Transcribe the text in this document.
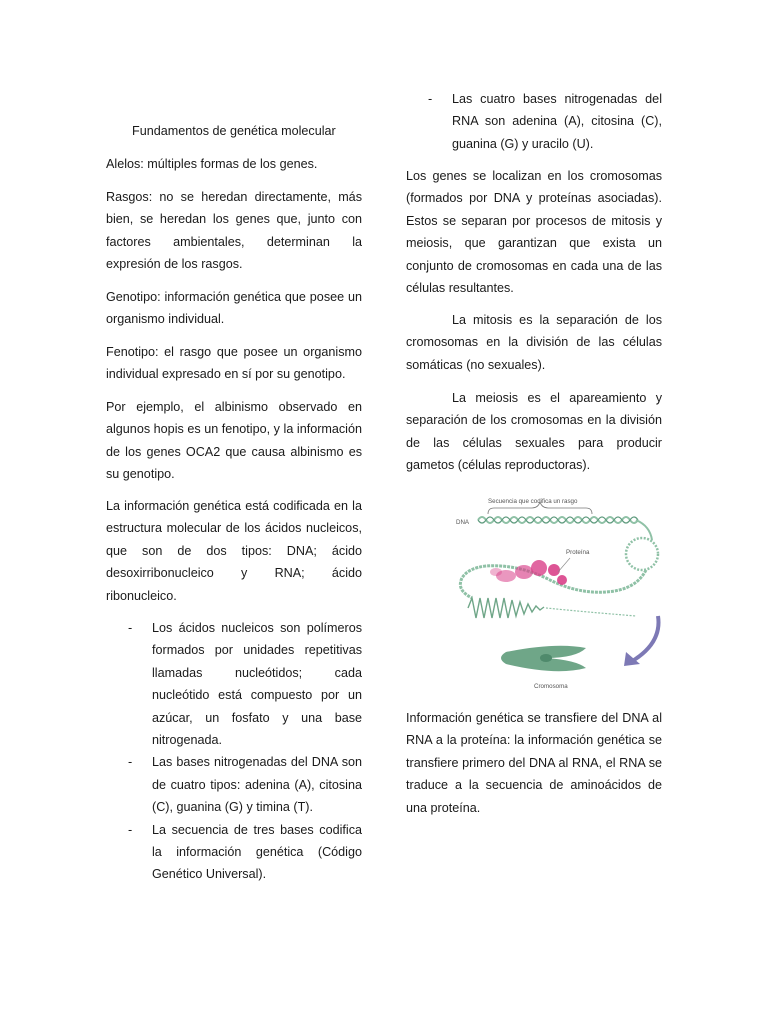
Fundamentos de genética molecular

Alelos: múltiples formas de los genes.

Rasgos: no se heredan directamente, más bien, se heredan los genes que, junto con factores ambientales, determinan la expresión de los rasgos.

Genotipo: información genética que posee un organismo individual.

Fenotipo: el rasgo que posee un organismo individual expresado en sí por su genotipo.

Por ejemplo, el albinismo observado en algunos hopis es un fenotipo, y la información de los genes OCA2 que causa albinismo es su genotipo.

La información genética está codificada en la estructura molecular de los ácidos nucleicos, que son de dos tipos: DNA; ácido desoxirribonucleico y RNA; ácido ribonucleico.

- Los ácidos nucleicos son polímeros formados por unidades repetitivas llamadas nucleótidos; cada nucleótido está compuesto por un azúcar, un fosfato y una base nitrogenada.

- Las bases nitrogenadas del DNA son de cuatro tipos: adenina (A), citosina (C), guanina (G) y timina (T).

- La secuencia de tres bases codifica la información genética (Código Genético Universal).

- Las cuatro bases nitrogenadas del RNA son adenina (A), citosina (C), guanina (G) y uracilo (U).

Los genes se localizan en los cromosomas (formados por DNA y proteínas asociadas). Estos se separan por procesos de mitosis y meiosis, que garantizan que exista un conjunto de cromosomas en cada una de las células resultantes.

La mitosis es la separación de los cromosomas en la división de las células somáticas (no sexuales).

La meiosis es el apareamiento y separación de los cromosomas en la división de las células sexuales para producir gametos (células reproductoras).

Información genética se transfiere del DNA al RNA a la proteína: la información genética se transfiere primero del DNA al RNA, el RNA se traduce a la secuencia de aminoácidos de una proteína.

Secuencia que codifica un rasgo
DNA
Proteína
Cromosoma
